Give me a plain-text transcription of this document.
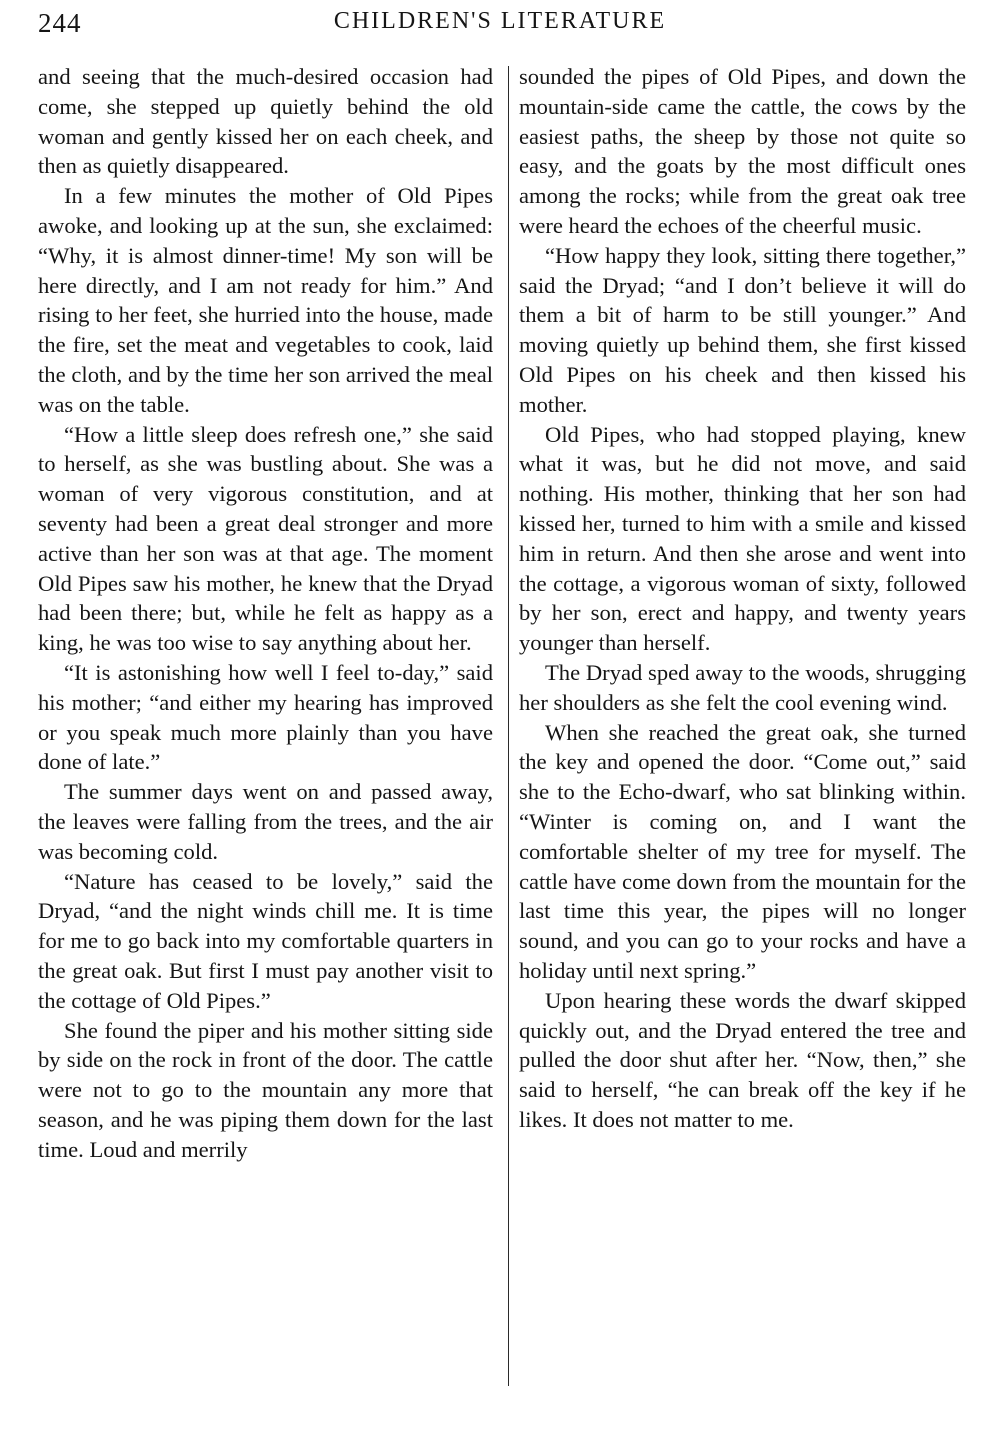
244	CHILDREN'S LITERATURE

and seeing that the much-desired occasion had come, she stepped up quietly behind the old woman and gently kissed her on each cheek, and then as quietly disappeared.

In a few minutes the mother of Old Pipes awoke, and looking up at the sun, she exclaimed: “Why, it is almost dinner-time! My son will be here directly, and I am not ready for him.” And rising to her feet, she hurried into the house, made the fire, set the meat and vegetables to cook, laid the cloth, and by the time her son arrived the meal was on the table.

“How a little sleep does refresh one,” she said to herself, as she was bustling about. She was a woman of very vigorous constitution, and at seventy had been a great deal stronger and more active than her son was at that age. The moment Old Pipes saw his mother, he knew that the Dryad had been there; but, while he felt as happy as a king, he was too wise to say anything about her.

“It is astonishing how well I feel to-day,” said his mother; “and either my hearing has improved or you speak much more plainly than you have done of late.”

The summer days went on and passed away, the leaves were falling from the trees, and the air was becoming cold.

“Nature has ceased to be lovely,” said the Dryad, “and the night winds chill me. It is time for me to go back into my comfortable quarters in the great oak. But first I must pay another visit to the cottage of Old Pipes.”

She found the piper and his mother sitting side by side on the rock in front of the door. The cattle were not to go to the mountain any more that season, and he was piping them down for the last time. Loud and merrily

sounded the pipes of Old Pipes, and down the mountain-side came the cattle, the cows by the easiest paths, the sheep by those not quite so easy, and the goats by the most difficult ones among the rocks; while from the great oak tree were heard the echoes of the cheerful music.

“How happy they look, sitting there together,” said the Dryad; “and I don’t believe it will do them a bit of harm to be still younger.” And moving quietly up behind them, she first kissed Old Pipes on his cheek and then kissed his mother.

Old Pipes, who had stopped playing, knew what it was, but he did not move, and said nothing. His mother, thinking that her son had kissed her, turned to him with a smile and kissed him in return. And then she arose and went into the cottage, a vigorous woman of sixty, followed by her son, erect and happy, and twenty years younger than herself.

The Dryad sped away to the woods, shrugging her shoulders as she felt the cool evening wind.

When she reached the great oak, she turned the key and opened the door. “Come out,” said she to the Echo-dwarf, who sat blinking within. “Winter is coming on, and I want the comfortable shelter of my tree for myself. The cattle have come down from the mountain for the last time this year, the pipes will no longer sound, and you can go to your rocks and have a holiday until next spring.”

Upon hearing these words the dwarf skipped quickly out, and the Dryad entered the tree and pulled the door shut after her. “Now, then,” she said to herself, “he can break off the key if he likes. It does not matter to me.
